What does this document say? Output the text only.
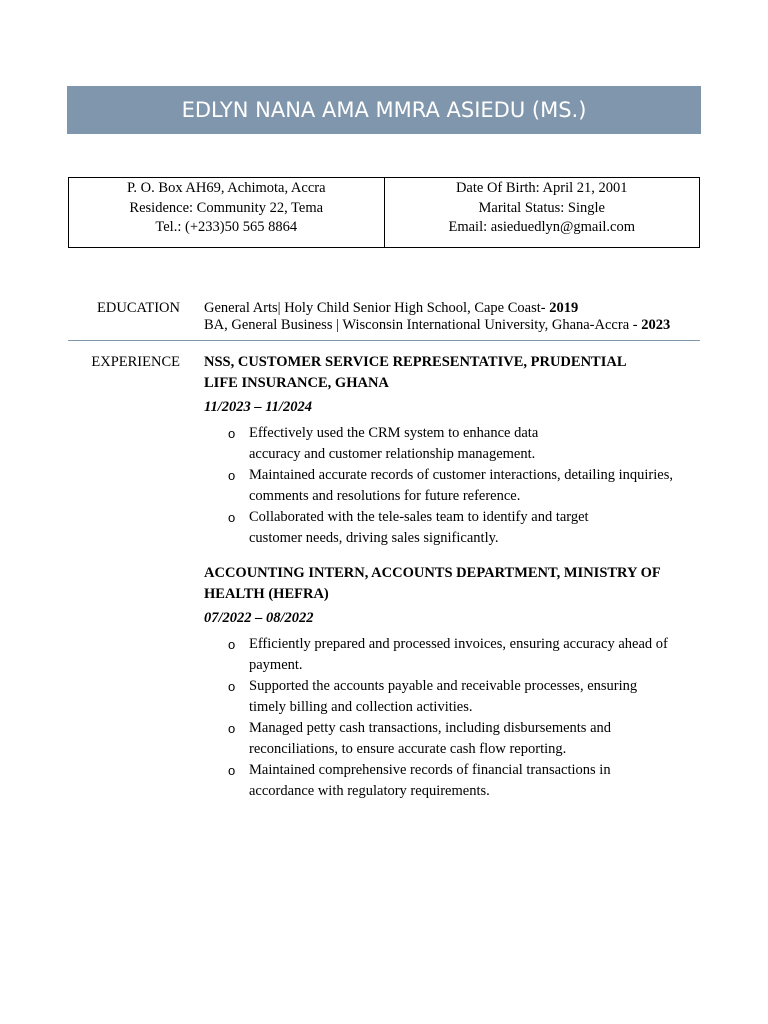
EDLYN NANA AMA MMRA ASIEDU (MS.)
P. O. Box AH69, Achimota, Accra
Residence: Community 22, Tema
Tel.: (+233)50 565 8864
Date Of Birth: April 21, 2001
Marital Status: Single
Email: asieduedlyn@gmail.com
EDUCATION General Arts| Holy Child Senior High School, Cape Coast- 2019
BA, General Business | Wisconsin International University, Ghana-Accra - 2023
EXPERIENCE NSS, CUSTOMER SERVICE REPRESENTATIVE, PRUDENTIAL
LIFE INSURANCE, GHANA
11/2023 – 11/2024
o Effectively used the CRM system to enhance data accuracy and customer relationship management.
o Maintained accurate records of customer interactions, detailing inquiries, comments and resolutions for future reference.
o Collaborated with the tele-sales team to identify and target customer needs, driving sales significantly.
ACCOUNTING INTERN, ACCOUNTS DEPARTMENT, MINISTRY OF
HEALTH (HEFRA)
07/2022 – 08/2022
o Efficiently prepared and processed invoices, ensuring accuracy ahead of payment.
o Supported the accounts payable and receivable processes, ensuring timely billing and collection activities.
o Managed petty cash transactions, including disbursements and reconciliations, to ensure accurate cash flow reporting.
o Maintained comprehensive records of financial transactions in accordance with regulatory requirements.
